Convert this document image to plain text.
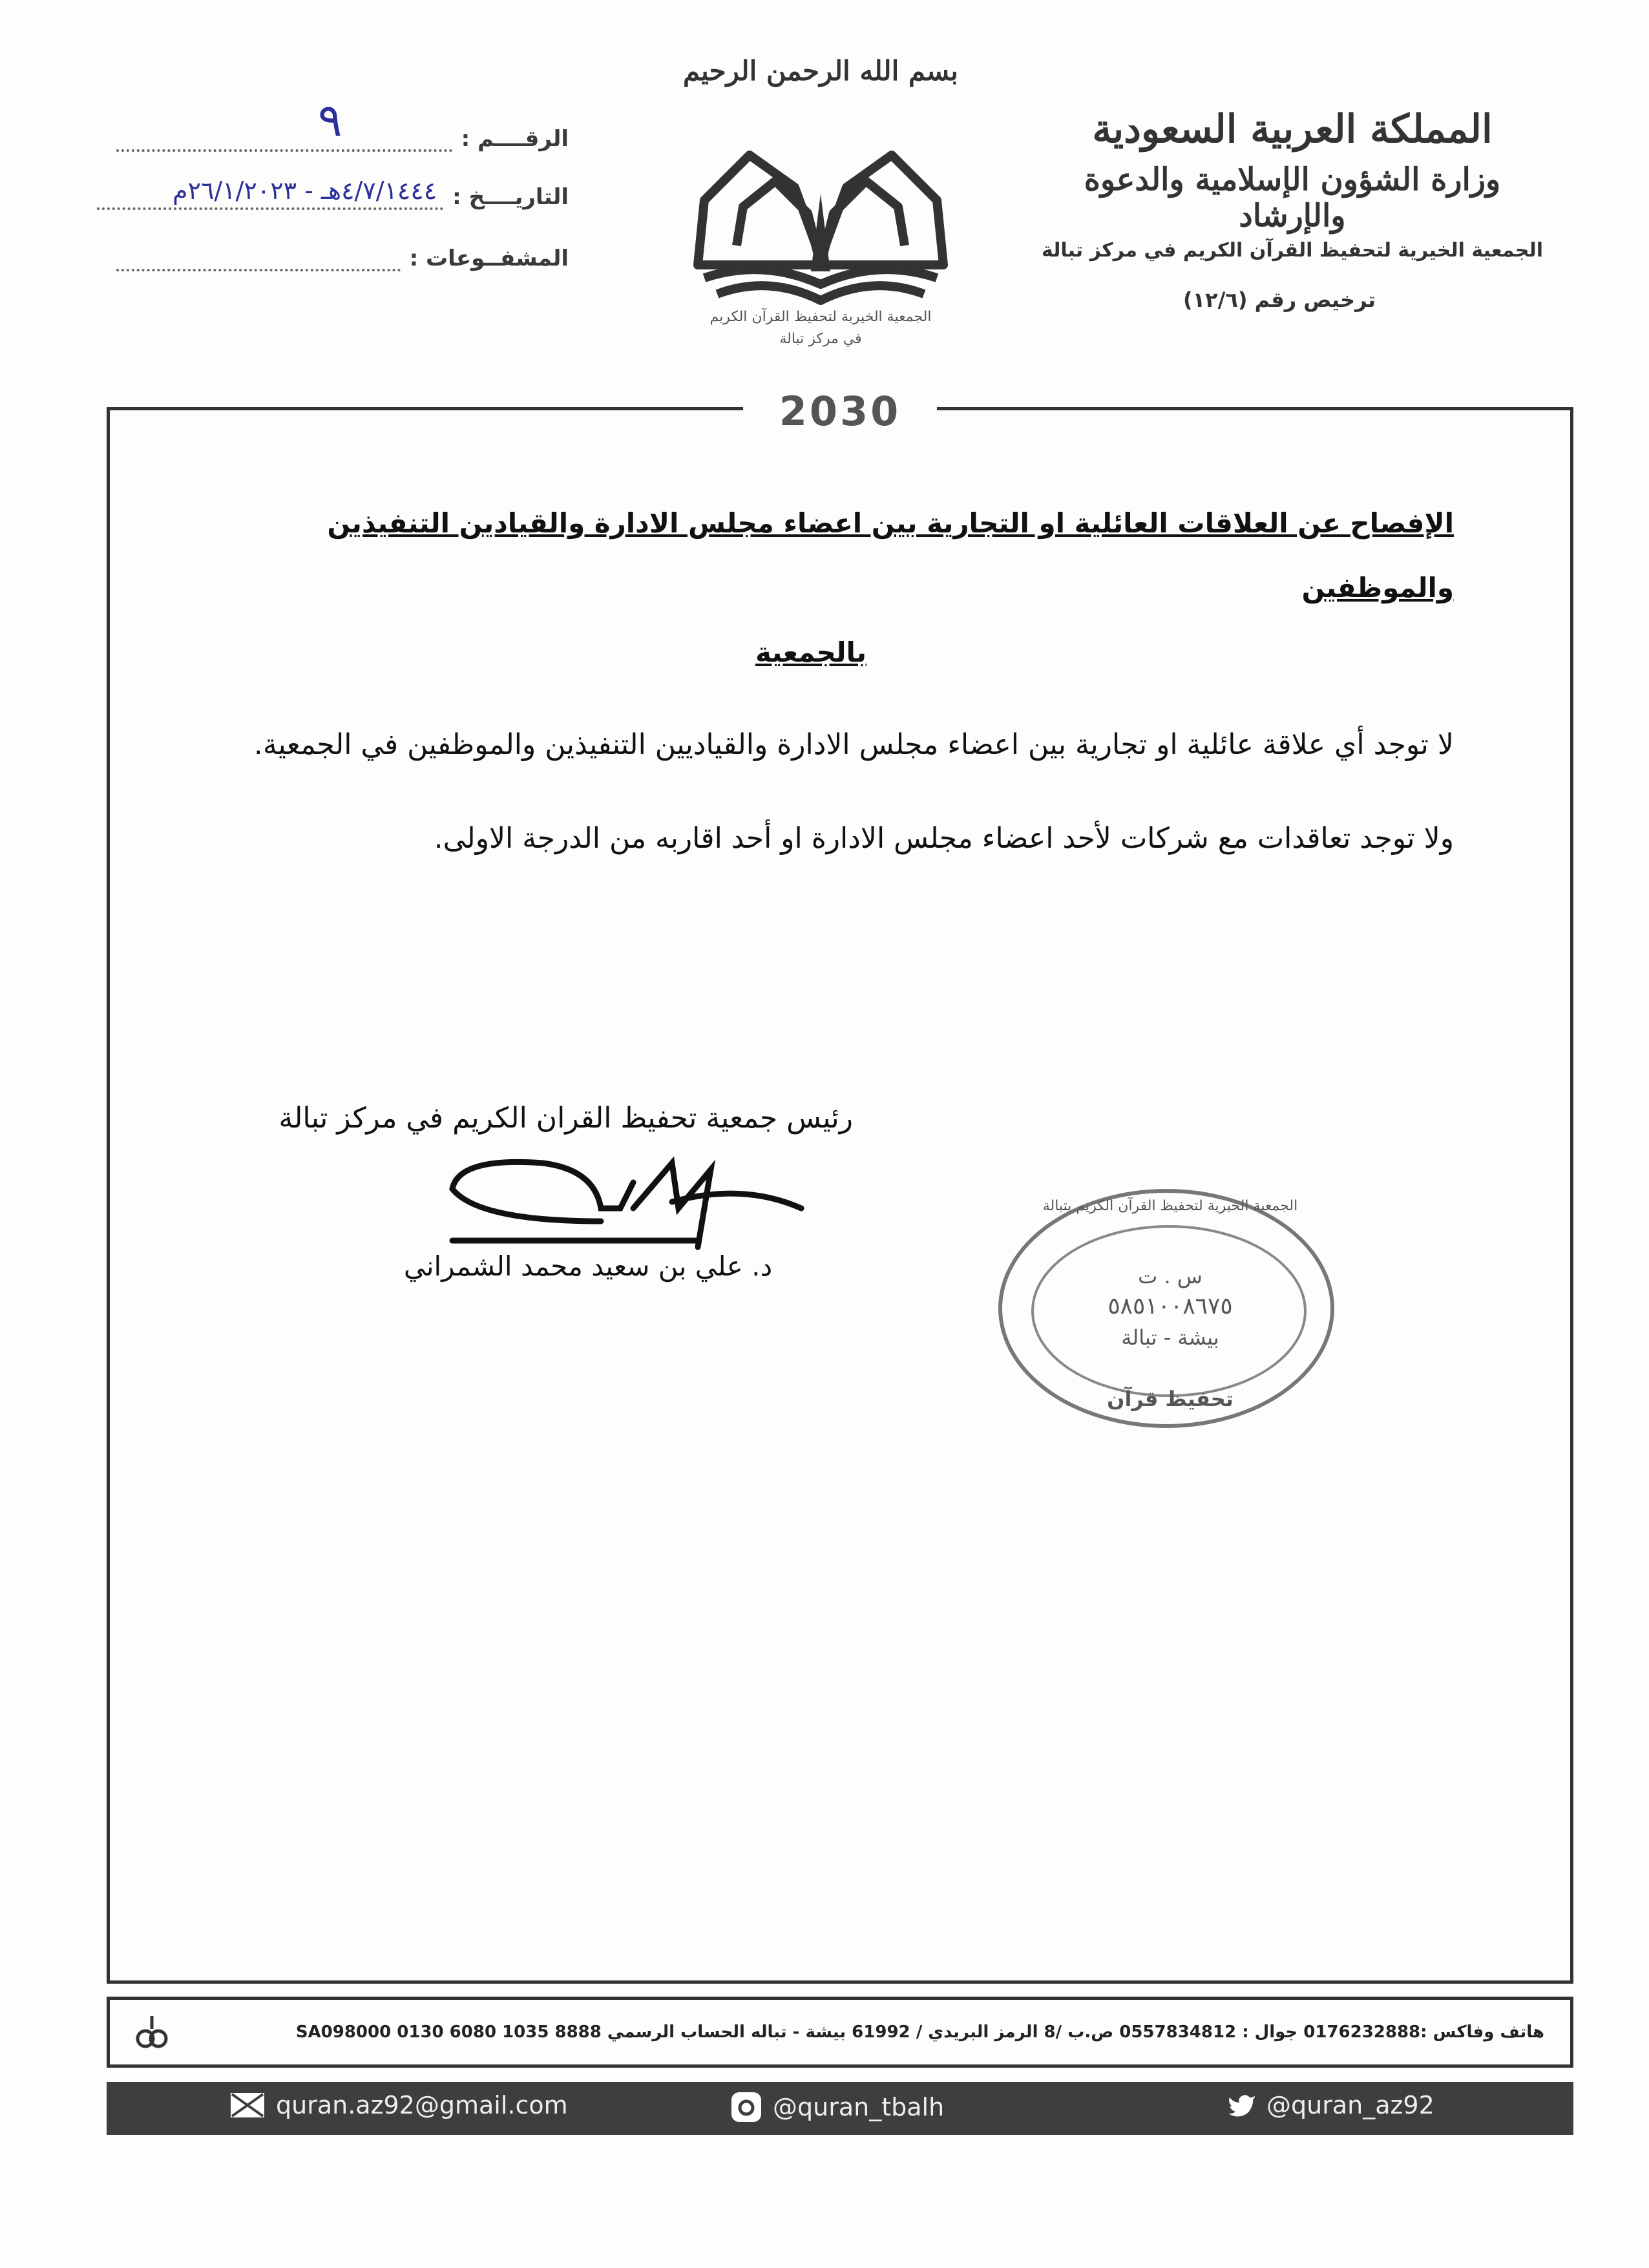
المملكة العربية السعودية
وزارة الشؤون الإسلامية والدعوة والإرشاد
الجمعية الخيرية لتحفيظ القرآن الكريم في مركز تبالة
ترخيص رقم (١٢/٦)
بسم الله الرحمن الرحيم
الجمعية الخيرية لتحفيظ القرآن الكريم
في مركز تبالة
الرقــــم :
٩
التاريــــخ :
٤/٧/١٤٤٤هـ - ٢٦/١/٢٠٢٣م
المشفــوعات :
2030
الإفصاح عن العلاقات العائلية او التجارية بين اعضاء مجلس الادارة والقيادين التنفيذين والموظفين
بالجمعية
لا توجد أي علاقة عائلية او تجارية بين اعضاء مجلس الادارة والقياديين التنفيذين والموظفين في الجمعية.
ولا توجد تعاقدات مع شركات لأحد اعضاء مجلس الادارة او أحد اقاربه من الدرجة الاولى.
رئيس جمعية تحفيظ القران الكريم في مركز تبالة
د. علي بن سعيد محمد الشمراني
الجمعية الخيرية لتحفيظ القرآن الكريم بتبالة
س . ت
٥٨٥١٠٠٨٦٧٥
بيشة - تبالة
تحفيظ قرآن
هاتف وفاكس :0176232888 جوال : 0557834812 ص.ب /8 الرمز البريدي / 61992 بيشة - تباله الحساب الرسمي SA098000 0130 6080 1035 8888
quran.az92@gmail.com	@quran_tbalh	@quran_az92
